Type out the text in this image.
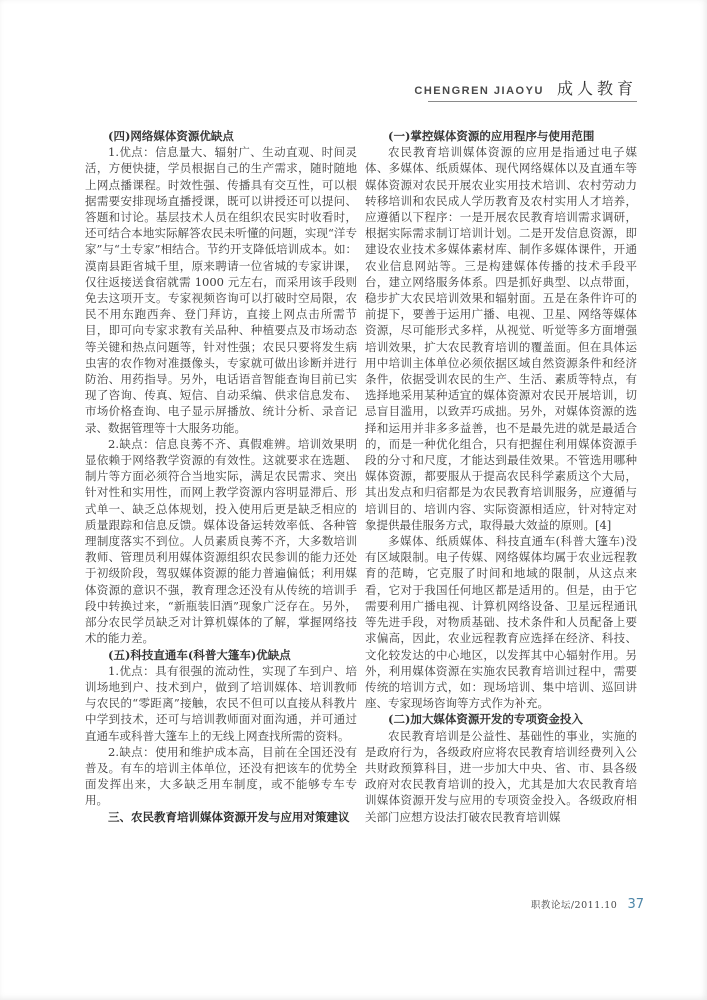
CHENGREN JIAOYU 成人教育
(四)网络媒体资源优缺点

1.优点：信息量大、辐射广、生动直观、时间灵活，方便快捷，学员根据自己的生产需求，随时随地上网点播课程。时效性强、传播具有交互性，可以根据需要安排现场直播授课，既可以讲授还可以提问、答题和讨论。基层技术人员在组织农民实时收看时，还可结合本地实际解答农民未听懂的问题，实现“洋专家”与“土专家”相结合。节约开支降低培训成本。如：漠南县距省城千里，原来聘请一位省城的专家讲课，仅往返接送食宿就需 1000 元左右，而采用该手段则免去这项开支。专家视频咨询可以打破时空局限，农民不用东跑西奔、登门拜访，直接上网点击所需节目，即可向专家求教有关品种、种植要点及市场动态等关键和热点问题等，针对性强；农民只要将发生病虫害的农作物对准摄像头，专家就可做出诊断并进行防治、用药指导。另外，电话语音智能查询目前已实现了咨询、传真、短信、自动采编、供求信息发布、市场价格查询、电子显示屏播放、统计分析、录音记录、数据管理等十大服务功能。

2.缺点：信息良莠不齐、真假难辨。培训效果明显依赖于网络教学资源的有效性。这就要求在选题、制片等方面必须符合当地实际，满足农民需求、突出针对性和实用性，而网上教学资源内容明显滞后、形式单一、缺乏总体规划，投入使用后更是缺乏相应的质量跟踪和信息反馈。媒体设备运转效率低、各种管理制度落实不到位。人员素质良莠不齐，大多数培训教师、管理员利用媒体资源组织农民参训的能力还处于初级阶段，驾驭媒体资源的能力普遍偏低；利用媒体资源的意识不强，教育理念还没有从传统的培训手段中转换过来，“新瓶装旧酒”现象广泛存在。另外，部分农民学员缺乏对计算机媒体的了解，掌握网络技术的能力差。

(五)科技直通车(科普大篷车)优缺点

1.优点：具有很强的流动性，实现了车到户、培训场地到户、技术到户，做到了培训媒体、培训教师与农民的“零距离”接触，农民不但可以直接从科教片中学到技术，还可与培训教师面对面沟通，并可通过直通车或科普大篷车上的无线上网查找所需的资料。

2.缺点：使用和维护成本高，目前在全国还没有普及。有车的培训主体单位，还没有把该车的优势全面发挥出来，大多缺乏用车制度，或不能够专车专用。

三、农民教育培训媒体资源开发与应用对策建议
(一)掌控媒体资源的应用程序与使用范围

农民教育培训媒体资源的应用是指通过电子媒体、多媒体、纸质媒体、现代网络媒体以及直通车等媒体资源对农民开展农业实用技术培训、农村劳动力转移培训和农民成人学历教育及农村实用人才培养，应遵循以下程序：一是开展农民教育培训需求调研，根据实际需求制订培训计划。二是开发信息资源，即建设农业技术多媒体素材库、制作多媒体课件，开通农业信息网站等。三是构建媒体传播的技术手段平台，建立网络服务体系。四是抓好典型、以点带面，稳步扩大农民培训效果和辐射面。五是在条件许可的前提下，要善于运用广播、电视、卫星、网络等媒体资源，尽可能形式多样，从视觉、听觉等多方面增强培训效果，扩大农民教育培训的覆盖面。但在具体运用中培训主体单位必须依据区域自然资源条件和经济条件，依据受训农民的生产、生活、素质等特点，有选择地采用某种适宜的媒体资源对农民开展培训，切忌盲目滥用，以致弄巧成拙。另外，对媒体资源的选择和运用并非多多益善，也不是最先进的就是最适合的，而是一种优化组合，只有把握住利用媒体资源手段的分寸和尺度，才能达到最佳效果。不管选用哪种媒体资源，都要服从于提高农民科学素质这个大局，其出发点和归宿都是为农民教育培训服务，应遵循与培训目的、培训内容、实际资源相适应，针对特定对象提供最佳服务方式，取得最大效益的原则。[4]

多媒体、纸质媒体、科技直通车(科普大篷车)没有区域限制。电子传媒、网络媒体均属于农业远程教育的范畴，它克服了时间和地域的限制，从这点来看，它对于我国任何地区都是适用的。但是，由于它需要利用广播电视、计算机网络设备、卫星远程通讯等先进手段，对物质基础、技术条件和人员配备上要求偏高，因此，农业远程教育应选择在经济、科技、文化较发达的中心地区，以发挥其中心辐射作用。另外，利用媒体资源在实施农民教育培训过程中，需要传统的培训方式，如：现场培训、集中培训、巡回讲座、专家现场咨询等方式作为补充。

(二)加大媒体资源开发的专项资金投入

农民教育培训是公益性、基础性的事业，实施的是政府行为，各级政府应将农民教育培训经费列入公共财政预算科目，进一步加大中央、省、市、县各级政府对农民教育培训的投入，尤其是加大农民教育培训媒体资源开发与应用的专项资金投入。各级政府相关部门应想方设法打破农民教育培训媒

职教论坛/2011.10 37
